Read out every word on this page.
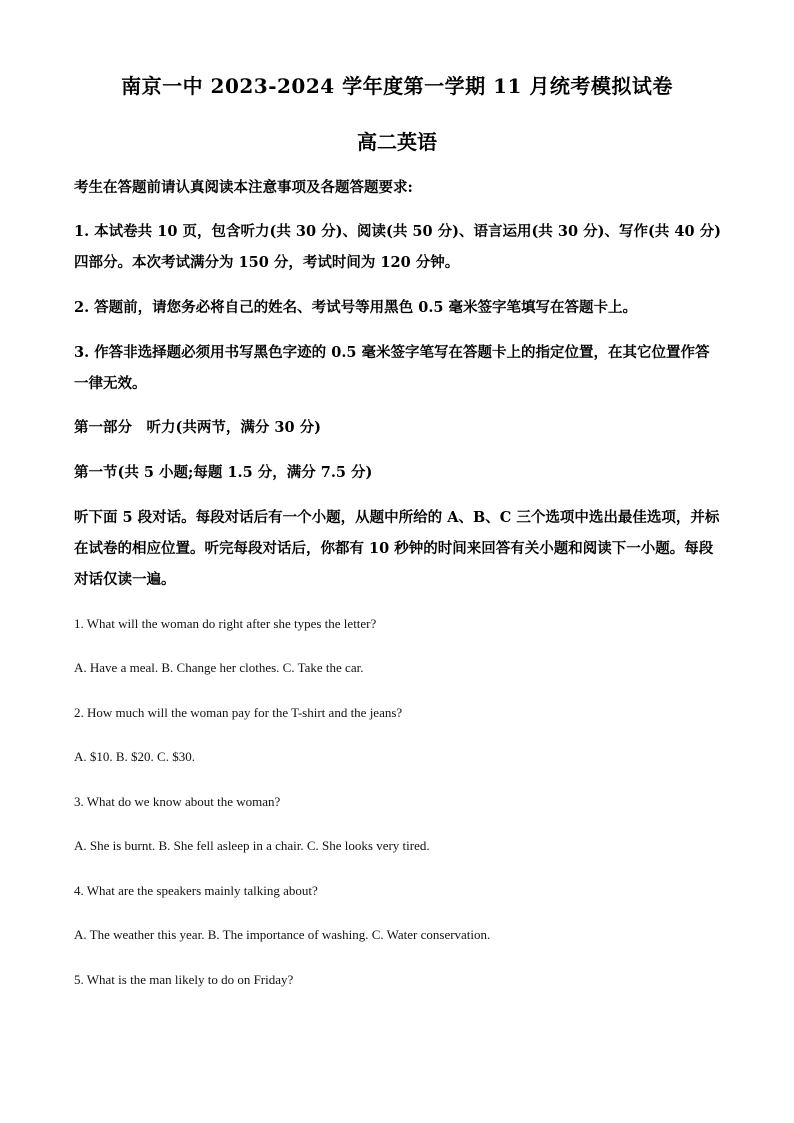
南京一中 2023-2024 学年度第一学期 11 月统考模拟试卷
高二英语
考生在答题前请认真阅读本注意事项及各题答题要求:
1. 本试卷共 10 页，包含听力(共 30 分)、阅读(共 50 分)、语言运用(共 30 分)、写作(共 40 分)四部分。本次考试满分为 150 分，考试时间为 120 分钟。
2. 答题前，请您务必将自己的姓名、考试号等用黑色 0.5 毫米签字笔填写在答题卡上。
3. 作答非选择题必须用书写黑色字迹的 0.5 毫米签字笔写在答题卡上的指定位置，在其它位置作答一律无效。
第一部分　听力(共两节，满分 30 分)
第一节(共 5 小题;每题 1.5 分，满分 7.5 分)
听下面 5 段对话。每段对话后有一个小题，从题中所给的 A、B、C 三个选项中选出最佳选项，并标在试卷的相应位置。听完每段对话后，你都有 10 秒钟的时间来回答有关小题和阅读下一小题。每段对话仅读一遍。
1. What will the woman do right after she types the letter?
A. Have a meal. B. Change her clothes. C. Take the car.
2. How much will the woman pay for the T-shirt and the jeans?
A. $10. B. $20. C. $30.
3. What do we know about the woman?
A. She is burnt. B. She fell asleep in a chair. C. She looks very tired.
4. What are the speakers mainly talking about?
A. The weather this year. B. The importance of washing. C. Water conservation.
5. What is the man likely to do on Friday?
